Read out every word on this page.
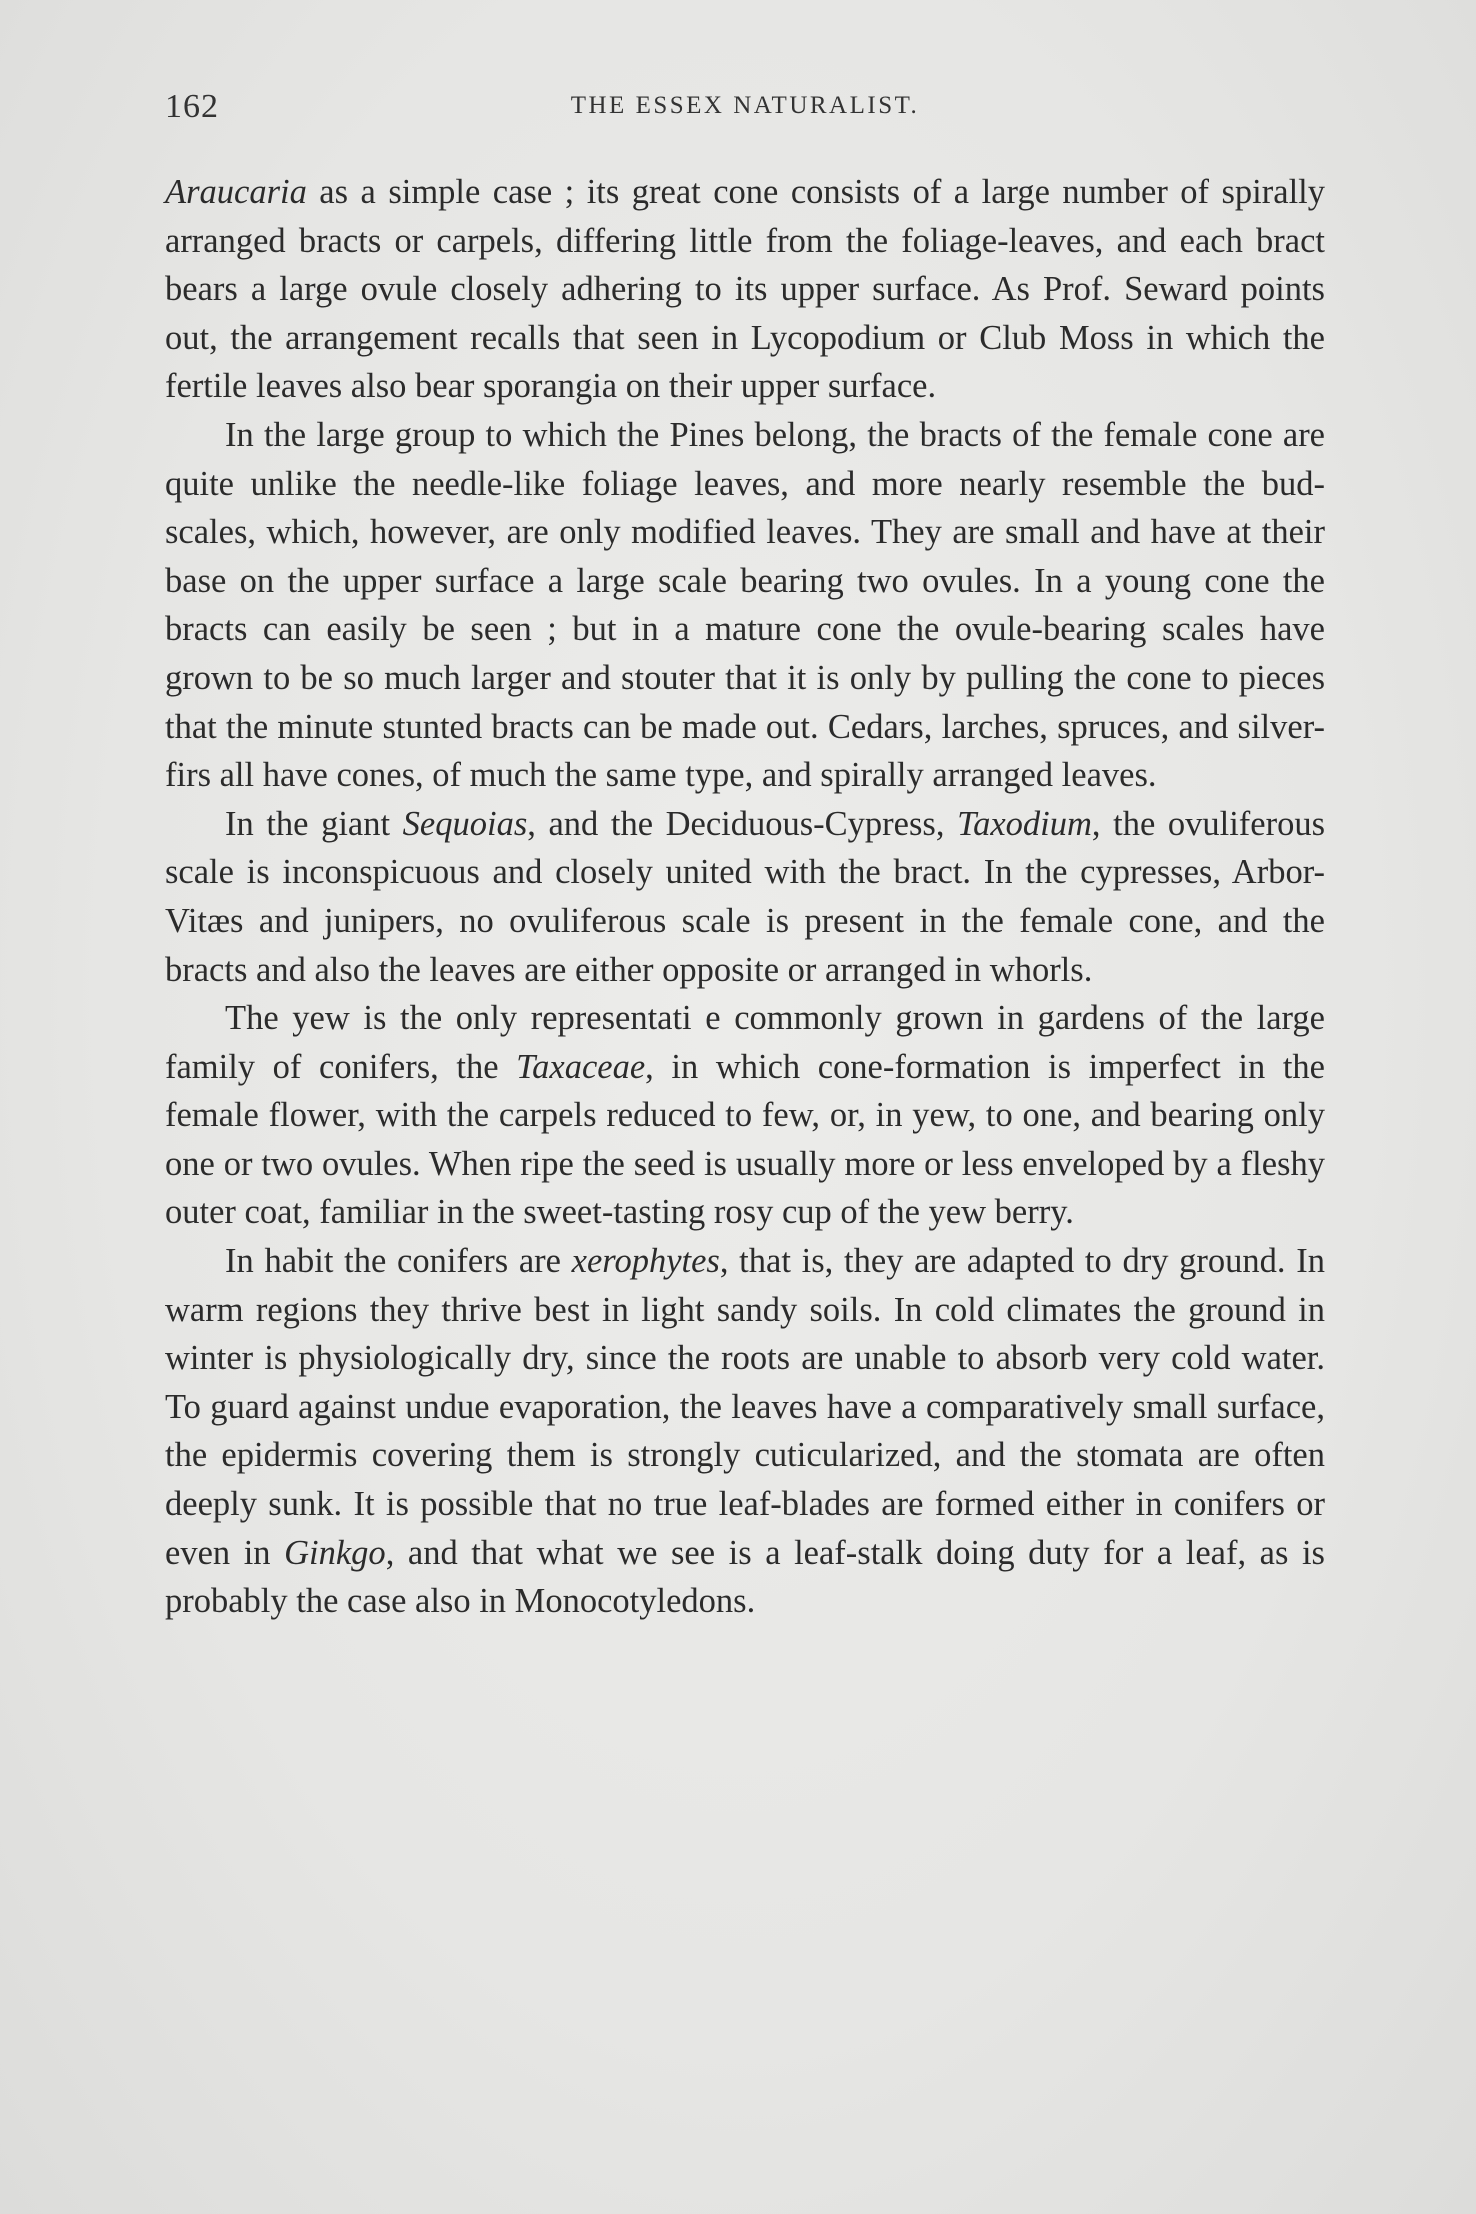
162	THE ESSEX NATURALIST.

Araucaria as a simple case ; its great cone consists of a large number of spirally arranged bracts or carpels, differing little from the foliage-leaves, and each bract bears a large ovule closely adhering to its upper surface. As Prof. Seward points out, the arrangement recalls that seen in Lycopodium or Club Moss in which the fertile leaves also bear sporangia on their upper surface.

In the large group to which the Pines belong, the bracts of the female cone are quite unlike the needle-like foliage leaves, and more nearly resemble the bud-scales, which, however, are only modified leaves. They are small and have at their base on the upper surface a large scale bearing two ovules. In a young cone the bracts can easily be seen ; but in a mature cone the ovule-bearing scales have grown to be so much larger and stouter that it is only by pulling the cone to pieces that the minute stunted bracts can be made out. Cedars, larches, spruces, and silver-firs all have cones, of much the same type, and spirally arranged leaves.

In the giant Sequoias, and the Deciduous-Cypress, Taxodium, the ovuliferous scale is inconspicuous and closely united with the bract. In the cypresses, Arbor-Vitæs and junipers, no ovuliferous scale is present in the female cone, and the bracts and also the leaves are either opposite or arranged in whorls.

The yew is the only representati e commonly grown in gardens of the large family of conifers, the Taxaceae, in which cone-formation is imperfect in the female flower, with the carpels reduced to few, or, in yew, to one, and bearing only one or two ovules. When ripe the seed is usually more or less enveloped by a fleshy outer coat, familiar in the sweet-tasting rosy cup of the yew berry.

In habit the conifers are xerophytes, that is, they are adapted to dry ground. In warm regions they thrive best in light sandy soils. In cold climates the ground in winter is physiologically dry, since the roots are unable to absorb very cold water. To guard against undue evaporation, the leaves have a comparatively small surface, the epidermis covering them is strongly cuticularized, and the stomata are often deeply sunk. It is possible that no true leaf-blades are formed either in conifers or even in Ginkgo, and that what we see is a leaf-stalk doing duty for a leaf, as is probably the case also in Monocotyledons.
